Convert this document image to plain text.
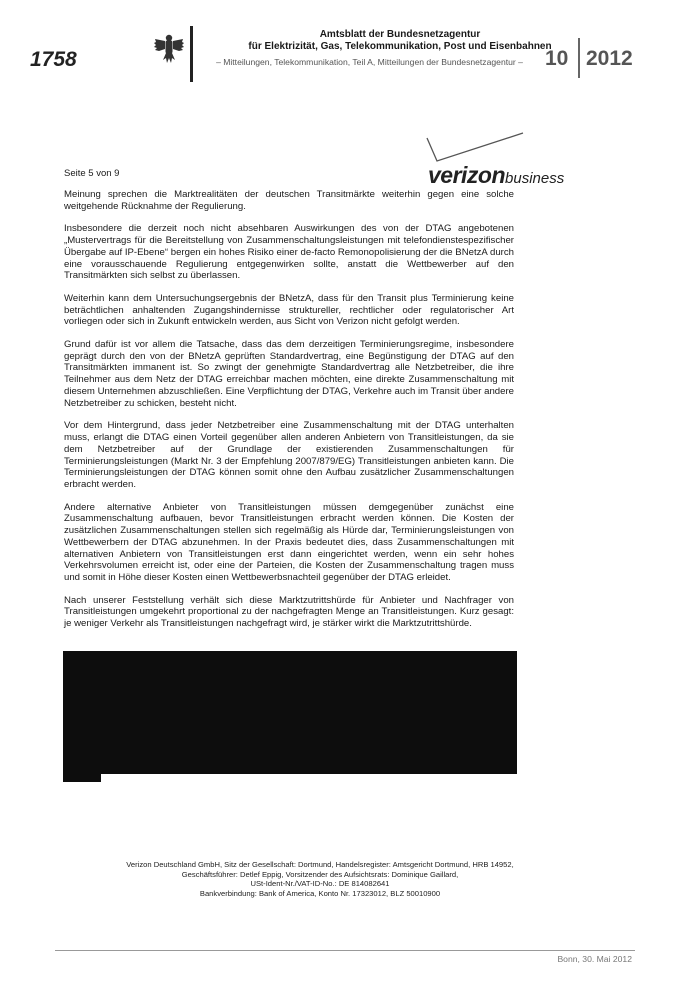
1758
Amtsblatt der Bundesnetzagentur
für Elektrizität, Gas, Telekommunikation, Post und Eisenbahnen
– Mitteilungen, Telekommunikation, Teil A, Mitteilungen der Bundesnetzagentur –	10 2012
verizonbusiness
Seite 5 von 9

Meinung sprechen die Marktrealitäten der deutschen Transitmärkte weiterhin gegen eine solche weitgehende Rücknahme der Regulierung.

Insbesondere die derzeit noch nicht absehbaren Auswirkungen des von der DTAG angebotenen „Mustervertrags für die Bereitstellung von Zusammenschaltungsleistungen mit telefondienstespezifischer Übergabe auf IP-Ebene“ bergen ein hohes Risiko einer de-facto Remonopolisierung der die BNetzA durch eine vorausschauende Regulierung entgegenwirken sollte, anstatt die Wettbewerber auf den Transitmärkten sich selbst zu überlassen.

Weiterhin kann dem Untersuchungsergebnis der BNetzA, dass für den Transit plus Terminierung keine beträchtlichen anhaltenden Zugangshindernisse struktureller, rechtlicher oder regulatorischer Art vorliegen oder sich in Zukunft entwickeln werden, aus Sicht von Verizon nicht gefolgt werden.

Grund dafür ist vor allem die Tatsache, dass das dem derzeitigen Terminierungsregime, insbesondere geprägt durch den von der BNetzA geprüften Standardvertrag, eine Begünstigung der DTAG auf den Transitmärkten immanent ist. So zwingt der genehmigte Standardvertrag alle Netzbetreiber, die ihre Teilnehmer aus dem Netz der DTAG erreichbar machen möchten, eine direkte Zusammenschaltung mit diesem Unternehmen abzuschließen. Eine Verpflichtung der DTAG, Verkehre auch im Transit über andere Netzbetreiber zu schicken, besteht nicht.

Vor dem Hintergrund, dass jeder Netzbetreiber eine Zusammenschaltung mit der DTAG unterhalten muss, erlangt die DTAG einen Vorteil gegenüber allen anderen Anbietern von Transitleistungen, da sie dem Netzbetreiber auf der Grundlage der existierenden Zusammenschaltungen für Terminierungsleistungen (Markt Nr. 3 der Empfehlung 2007/879/EG) Transitleistungen anbieten kann. Die Terminierungsleistungen der DTAG können somit ohne den Aufbau zusätzlicher Zusammenschaltungen erbracht werden.

Andere alternative Anbieter von Transitleistungen müssen demgegenüber zunächst eine Zusammenschaltung aufbauen, bevor Transitleistungen erbracht werden können. Die Kosten der zusätzlichen Zusammenschaltungen stellen sich regelmäßig als Hürde dar, Terminierungsleistungen von Wettbewerbern der DTAG abzunehmen. In der Praxis bedeutet dies, dass Zusammenschaltungen mit alternativen Anbietern von Transitleistungen erst dann eingerichtet werden, wenn ein sehr hohes Verkehrsvolumen erreicht ist, oder eine der Parteien, die Kosten der Zusammenschaltung tragen muss und somit in Höhe dieser Kosten einen Wettbewerbsnachteil gegenüber der DTAG erleidet.

Nach unserer Feststellung verhält sich diese Marktzutrittshürde für Anbieter und Nachfrager von Transitleistungen umgekehrt proportional zu der nachgefragten Menge an Transitleistungen. Kurz gesagt: je weniger Verkehr als Transitleistungen nachgefragt wird, je stärker wirkt die Marktzutrittshürde.

Verizon Deutschland GmbH, Sitz der Gesellschaft: Dortmund, Handelsregister: Amtsgericht Dortmund, HRB 14952,
Geschäftsführer: Detlef Eppig, Vorsitzender des Aufsichtsrats: Dominique Gaillard,
USt-Ident-Nr./VAT-ID-No.: DE 814082641
Bankverbindung: Bank of America, Konto Nr. 17323012, BLZ 50010900
Bonn, 30. Mai 2012
